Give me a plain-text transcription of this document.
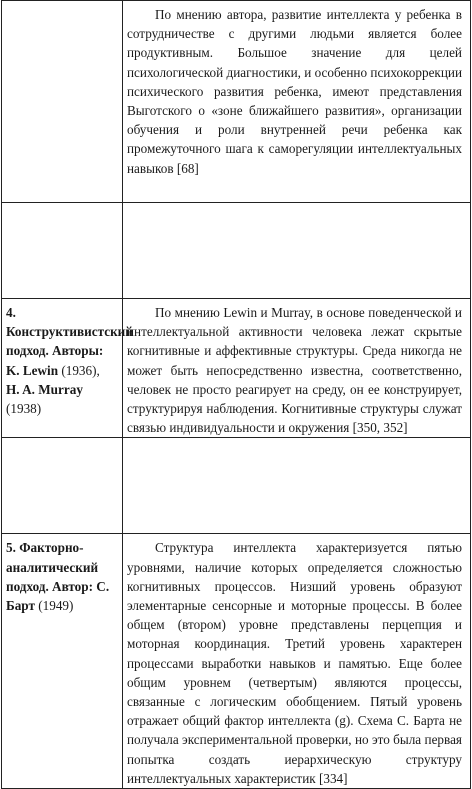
	По мнению автора, развитие интеллекта у ребенка в сотрудничестве с другими людьми является более продуктивным. Большое значение для целей психологической диагностики, и особенно психокоррекции психического развития ребенка, имеют представления Выготского о «зоне ближайшего развития», организации обучения и роли внутренней речи ребенка как промежуточного шага к саморегуляции интеллектуальных навыков [68]

4. Конструктивистский подход. Авторы: K. Lewin (1936), H. A. Murray (1938)	По мнению Lewin и Murray, в основе поведенческой и интеллектуальной активности человека лежат скрытые когнитивные и аффективные структуры. Среда никогда не может быть непосредственно известна, соответственно, человек не просто реагирует на среду, он ее конструирует, структурируя наблюдения. Когнитивные структуры служат связью индивидуальности и окружения [350, 352]

5. Факторно-аналитический подход. Автор: С. Барт (1949)	Структура интеллекта характеризуется пятью уровнями, наличие которых определяется сложностью когнитивных процессов. Низший уровень образуют элементарные сенсорные и моторные процессы. В более общем (втором) уровне представлены перцепция и моторная координация. Третий уровень характерен процессами выработки навыков и памятью. Еще более общим уровнем (четвертым) являются процессы, связанные с логическим обобщением. Пятый уровень отражает общий фактор интеллекта (g). Схема С. Барта не получала экспериментальной проверки, но это была первая попытка создать иерархическую структуру интеллектуальных характеристик [334]
